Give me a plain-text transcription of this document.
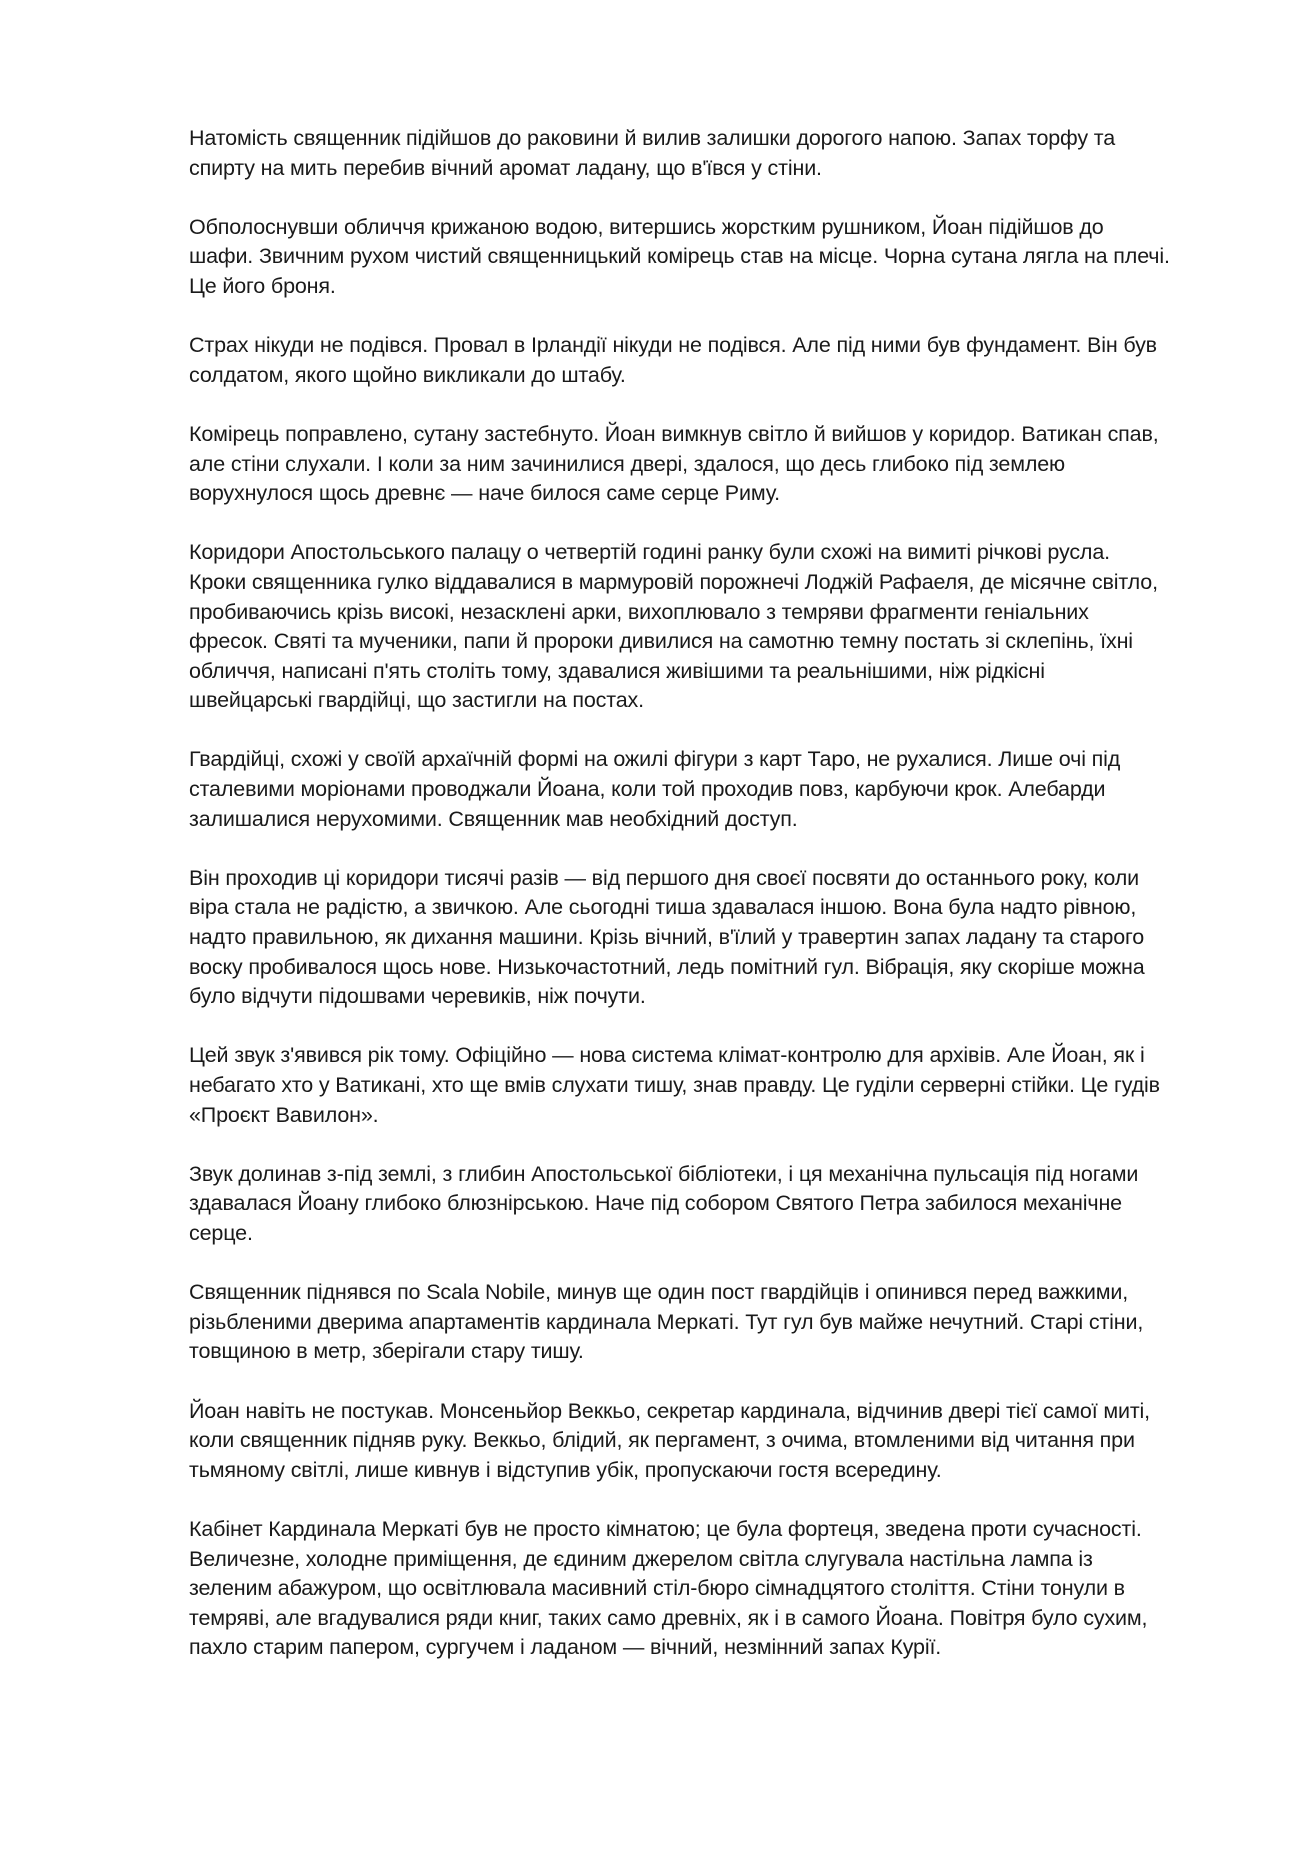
Натомість священник підійшов до раковини й вилив залишки дорогого напою. Запах торфу та
спирту на мить перебив вічний аромат ладану, що в'ївся у стіни.

Обполоснувши обличчя крижаною водою, витершись жорстким рушником, Йоан підійшов до
шафи. Звичним рухом чистий священницький комірець став на місце. Чорна сутана лягла на плечі.
Це його броня.

Страх нікуди не подівся. Провал в Ірландії нікуди не подівся. Але під ними був фундамент. Він був
солдатом, якого щойно викликали до штабу.

Комірець поправлено, сутану застебнуто. Йоан вимкнув світло й вийшов у коридор. Ватикан спав,
але стіни слухали. І коли за ним зачинилися двері, здалося, що десь глибоко під землею
ворухнулося щось древнє — наче билося саме серце Риму.

Коридори Апостольського палацу о четвертій годині ранку були схожі на вимиті річкові русла.
Кроки священника гулко віддавалися в мармуровій порожнечі Лоджій Рафаеля, де місячне світло,
пробиваючись крізь високі, незасклені арки, вихоплювало з темряви фрагменти геніальних
фресок. Святі та мученики, папи й пророки дивилися на самотню темну постать зі склепінь, їхні
обличчя, написані п'ять століть тому, здавалися живішими та реальнішими, ніж рідкісні
швейцарські гвардійці, що застигли на постах.

Гвардійці, схожі у своїй архаїчній формі на ожилі фігури з карт Таро, не рухалися. Лише очі під
сталевими моріонами проводжали Йоана, коли той проходив повз, карбуючи крок. Алебарди
залишалися нерухомими. Священник мав необхідний доступ.

Він проходив ці коридори тисячі разів — від першого дня своєї посвяти до останнього року, коли
віра стала не радістю, а звичкою. Але сьогодні тиша здавалася іншою. Вона була надто рівною,
надто правильною, як дихання машини. Крізь вічний, в'їлий у травертин запах ладану та старого
воску пробивалося щось нове. Низькочастотний, ледь помітний гул. Вібрація, яку скоріше можна
було відчути підошвами черевиків, ніж почути.

Цей звук з'явився рік тому. Офіційно — нова система клімат-контролю для архівів. Але Йоан, як і
небагато хто у Ватикані, хто ще вмів слухати тишу, знав правду. Це гуділи серверні стійки. Це гудів
«Проєкт Вавилон».

Звук долинав з-під землі, з глибин Апостольської бібліотеки, і ця механічна пульсація під ногами
здавалася Йоану глибоко блюзнірською. Наче під собором Святого Петра забилося механічне
серце.

Священник піднявся по Scala Nobile, минув ще один пост гвардійців і опинився перед важкими,
різьбленими дверима апартаментів кардинала Меркаті. Тут гул був майже нечутний. Старі стіни,
товщиною в метр, зберігали стару тишу.

Йоан навіть не постукав. Монсеньйор Веккьо, секретар кардинала, відчинив двері тієї самої миті,
коли священник підняв руку. Веккьо, блідий, як пергамент, з очима, втомленими від читання при
тьмяному світлі, лише кивнув і відступив убік, пропускаючи гостя всередину.

Кабінет Кардинала Меркаті був не просто кімнатою; це була фортеця, зведена проти сучасності.
Величезне, холодне приміщення, де єдиним джерелом світла слугувала настільна лампа із
зеленим абажуром, що освітлювала масивний стіл-бюро сімнадцятого століття. Стіни тонули в
темряві, але вгадувалися ряди книг, таких само древніх, як і в самого Йоана. Повітря було сухим,
пахло старим папером, сургучем і ладаном — вічний, незмінний запах Курії.
